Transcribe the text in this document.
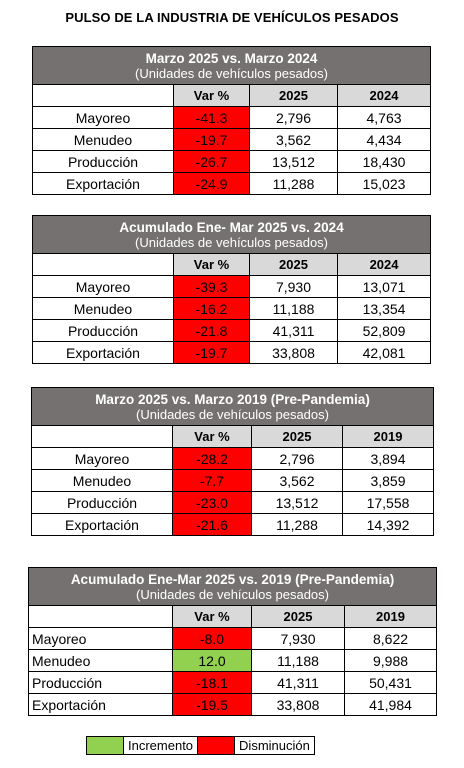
PULSO DE LA INDUSTRIA DE VEHÍCULOS PESADOS
Marzo 2025 vs. Marzo 2024
(Unidades de vehículos pesados)			

	Var %	2025	2024
Mayoreo	-41.3	2,796	4,763
Menudeo	-19.7	3,562	4,434
Producción	-26.7	13,512	18,430
Exportación	-24.9	11,288	15,023
Acumulado Ene- Mar 2025 vs. 2024
(Unidades de vehículos pesados)			

	Var %	2025	2024
Mayoreo	-39.3	7,930	13,071
Menudeo	-16.2	11,188	13,354
Producción	-21.8	41,311	52,809
Exportación	-19.7	33,808	42,081
Marzo 2025 vs. Marzo 2019 (Pre-Pandemia)
(Unidades de vehículos pesados)			

	Var %	2025	2019
Mayoreo	-28.2	2,796	3,894
Menudeo	-7.7	3,562	3,859
Producción	-23.0	13,512	17,558
Exportación	-21.6	11,288	14,392
Acumulado Ene-Mar 2025 vs. 2019 (Pre-Pandemia)
(Unidades de vehículos pesados)			

	Var %	2025	2019
Mayoreo	-8.0	7,930	8,622
Menudeo	12.0	11,188	9,988
Producción	-18.1	41,311	50,431
Exportación	-19.5	33,808	41,984
	Incremento		Disminución
